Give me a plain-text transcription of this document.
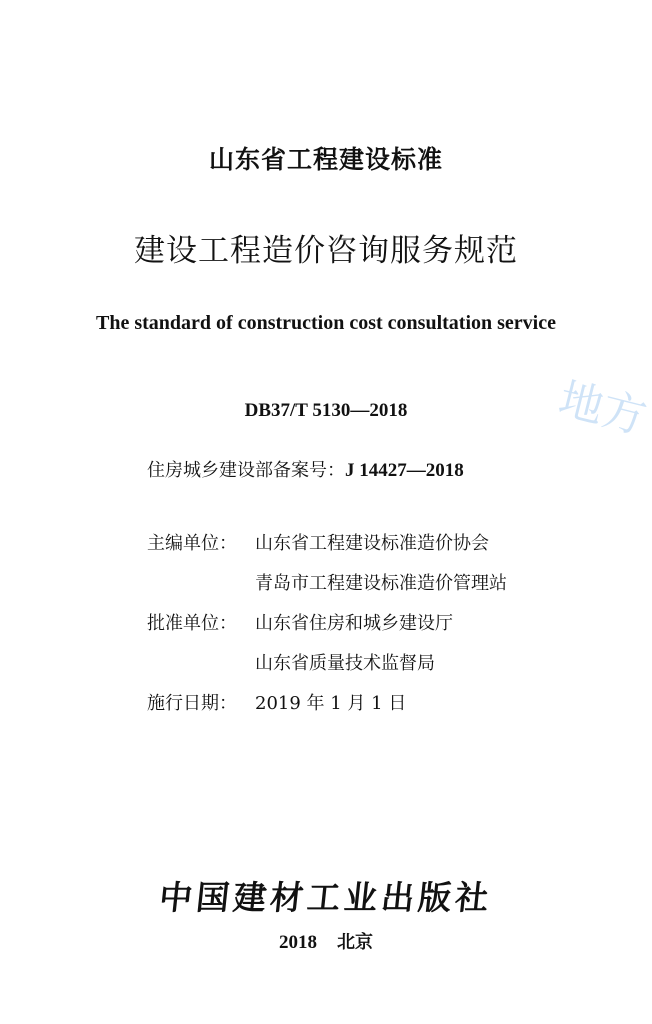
山东省工程建设标准
建设工程造价咨询服务规范
The standard of construction cost consultation service
DB37/T 5130—2018
住房城乡建设部备案号：J 14427—2018
主编单位：	山东省工程建设标准造价协会
青岛市工程建设标准造价管理站
批准单位：	山东省住房和城乡建设厅
山东省质量技术监督局
施行日期：	2019 年 1 月 1 日
中国建材工业出版社
2018 北京
地方
